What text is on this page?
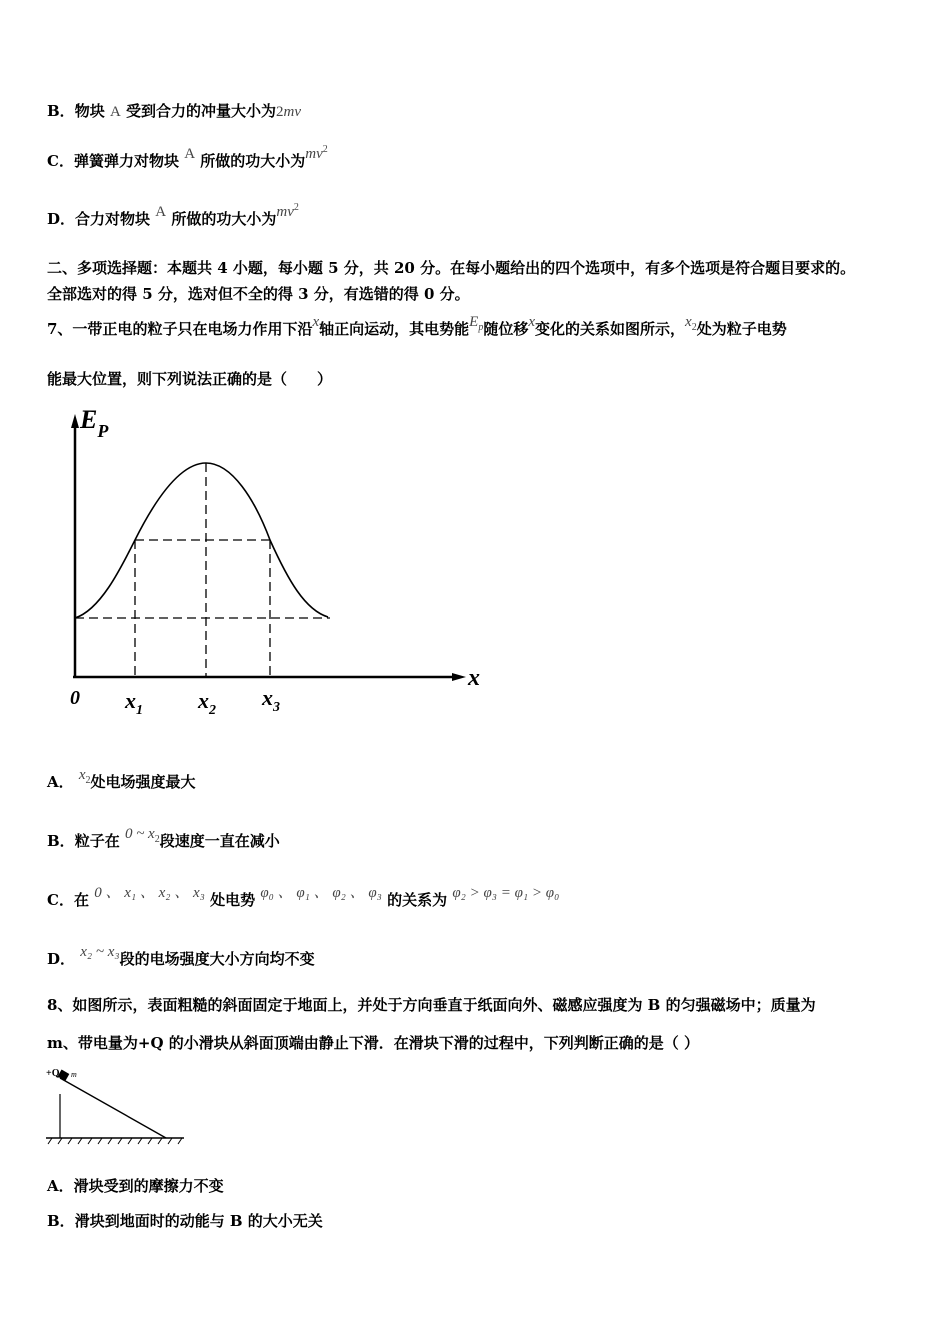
B．物块 A 受到合力的冲量大小为2mv
C．弹簧弹力对物块 A 所做的功大小为$mv^2$
D．合力对物块 A 所做的功大小为$mv^2$
二、多项选择题：本题共 4 小题，每小题 5 分，共 20 分。在每小题给出的四个选项中，有多个选项是符合题目要求的。
全部选对的得 5 分，选对但不全的得 3 分，有选错的得 0 分。
7、一带正电的粒子只在电场力作用下沿x轴正向运动，其电势能$E_p$随位移x变化的关系如图所示，$x_2$处为粒子电势
能最大位置，则下列说法正确的是（　　）
$E_P$
x
0 $x_1$	$x_2$
$x_3$
A． $x_2$处电场强度最大
B．粒子在 0 ~ $x_2$段速度一直在减小
C．在 0 、 x₁ 、 x₂ 、 x₃ 处电势 φ₀ 、 φ₁ 、 φ₂ 、 φ₃ 的关系为 φ₂ > φ₃ = φ₁ > φ₀
D． x₂ ~ x₃段的电场强度大小方向均不变
8、如图所示，表面粗糙的斜面固定于地面上，并处于方向垂直于纸面向外、磁感应强度为 B 的匀强磁场中；质量为
m、带电量为+Q 的小滑块从斜面顶端由静止下滑．在滑块下滑的过程中，下列判断正确的是（ ）
+Q m
A．滑块受到的摩擦力不变
B．滑块到地面时的动能与 B 的大小无关
